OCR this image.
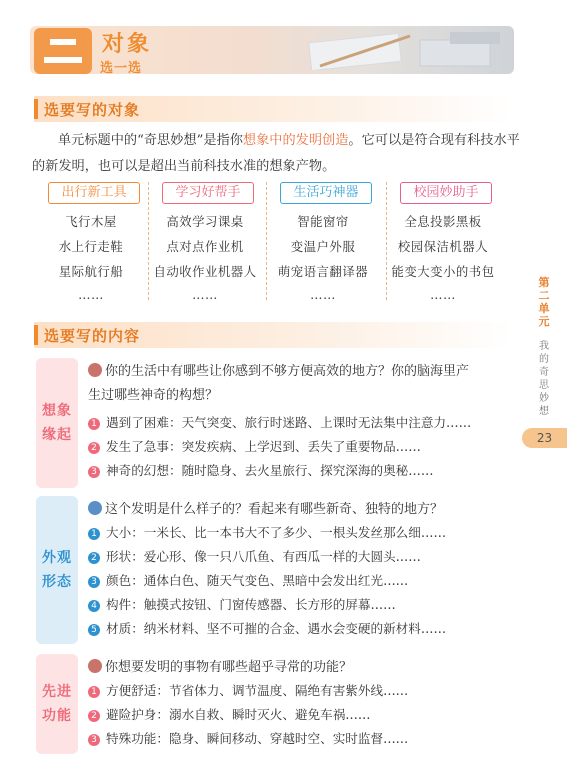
对象
选一选
选要写的对象
单元标题中的“奇思妙想”是指你想象中的发明创造。它可以是符合现有科技水平的新发明，也可以是超出当前科技水准的想象产物。
出行新工具
飞行木屋
水上行走鞋
星际航行船
……
学习好帮手
高效学习课桌
点对点作业机
自动收作业机器人
……
生活巧神器
智能窗帘
变温户外服
萌宠语言翻译器
……
校园妙助手
全息投影黑板
校园保洁机器人
能变大变小的书包
……
选要写的内容
想象
缘起
你的生活中有哪些让你感到不够方便高效的地方？你的脑海里产
生过哪些神奇的构想？
1 遇到了困难：天气突变、旅行时迷路、上课时无法集中注意力……
2 发生了急事：突发疾病、上学迟到、丢失了重要物品……
3 神奇的幻想：随时隐身、去火星旅行、探究深海的奥秘……
外观
形态
这个发明是什么样子的？看起来有哪些新奇、独特的地方？
1 大小：一米长、比一本书大不了多少、一根头发丝那么细……
2 形状：爱心形、像一只八爪鱼、有西瓜一样的大圆头……
3 颜色：通体白色、随天气变色、黑暗中会发出红光……
4 构件：触摸式按钮、门窗传感器、长方形的屏幕……
5 材质：纳米材料、坚不可摧的合金、遇水会变硬的新材料……
先进
功能
你想要发明的事物有哪些超乎寻常的功能？
1 方便舒适：节省体力、调节温度、隔绝有害紫外线……
2 避险护身：溺水自救、瞬时灭火、避免车祸……
3 特殊功能：隐身、瞬间移动、穿越时空、实时监督……
第
二
单
元
我
的
奇
思
妙
想
23
